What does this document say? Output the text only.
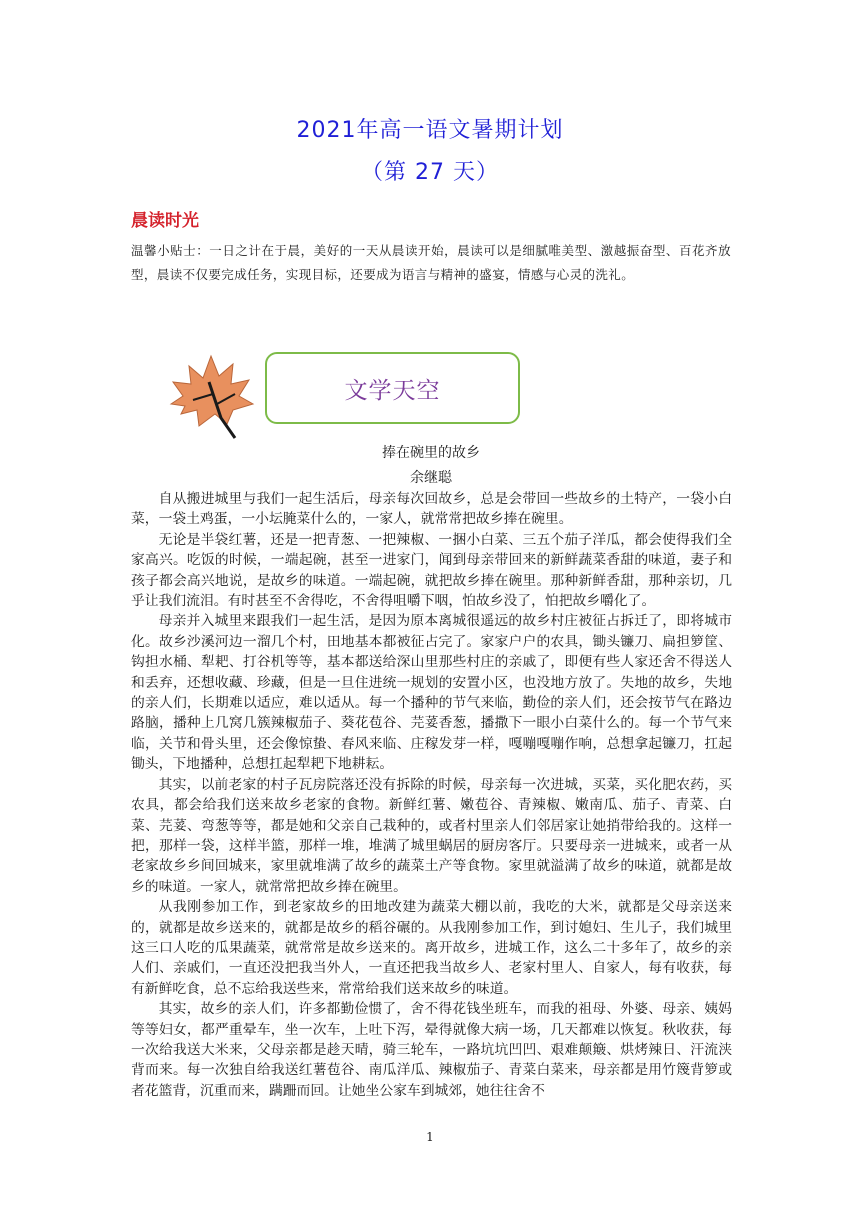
2021年高一语文暑期计划
（第 27 天）
晨读时光
温馨小贴士：一日之计在于晨，美好的一天从晨读开始，晨读可以是细腻唯美型、激越振奋型、百花齐放型，晨读不仅要完成任务，实现目标，还要成为语言与精神的盛宴，情感与心灵的洗礼。
文学天空
捧在碗里的故乡
余继聪

自从搬进城里与我们一起生活后，母亲每次回故乡，总是会带回一些故乡的土特产，一袋小白菜，一袋土鸡蛋，一小坛腌菜什么的，一家人，就常常把故乡捧在碗里。

无论是半袋红薯，还是一把青葱、一把辣椒、一捆小白菜、三五个茄子洋瓜，都会使得我们全家高兴。吃饭的时候，一端起碗，甚至一进家门，闻到母亲带回来的新鲜蔬菜香甜的味道，妻子和孩子都会高兴地说，是故乡的味道。一端起碗，就把故乡捧在碗里。那种新鲜香甜，那种亲切，几乎让我们流泪。有时甚至不舍得吃，不舍得咀嚼下咽，怕故乡没了，怕把故乡嚼化了。

母亲并入城里来跟我们一起生活，是因为原本离城很遥远的故乡村庄被征占拆迁了，即将城市化。故乡沙溪河边一溜几个村，田地基本都被征占完了。家家户户的农具，锄头镰刀、扁担箩筐、钩担水桶、犁耙、打谷机等等，基本都送给深山里那些村庄的亲戚了，即便有些人家还舍不得送人和丢弃，还想收藏、珍藏，但是一旦住进统一规划的安置小区，也没地方放了。失地的故乡，失地的亲人们，长期难以适应，难以适从。每一个播种的节气来临，勤俭的亲人们，还会按节气在路边路脑，播种上几窝几簇辣椒茄子、葵花苞谷、芫荽香葱，播撒下一眼小白菜什么的。每一个节气来临，关节和骨头里，还会像惊蛰、春风来临、庄稼发芽一样，嘎嘣嘎嘣作响，总想拿起镰刀，扛起锄头，下地播种，总想扛起犁耙下地耕耘。

其实，以前老家的村子瓦房院落还没有拆除的时候，母亲每一次进城，买菜，买化肥农药，买农具，都会给我们送来故乡老家的食物。新鲜红薯、嫩苞谷、青辣椒、嫩南瓜、茄子、青菜、白菜、芫荽、弯葱等等，都是她和父亲自己栽种的，或者村里亲人们邻居家让她捎带给我的。这样一把，那样一袋，这样半篮，那样一堆，堆满了城里蜗居的厨房客厅。只要母亲一进城来，或者一从老家故乡乡间回城来，家里就堆满了故乡的蔬菜土产等食物。家里就溢满了故乡的味道，就都是故乡的味道。一家人，就常常把故乡捧在碗里。

从我刚参加工作，到老家故乡的田地改建为蔬菜大棚以前，我吃的大米，就都是父母亲送来的，就都是故乡送来的，就都是故乡的稻谷碾的。从我刚参加工作，到讨媳妇、生儿子，我们城里这三口人吃的瓜果蔬菜，就常常是故乡送来的。离开故乡，进城工作，这么二十多年了，故乡的亲人们、亲戚们，一直还没把我当外人，一直还把我当故乡人、老家村里人、自家人，每有收获，每有新鲜吃食，总不忘给我送些来，常常给我们送来故乡的味道。

其实，故乡的亲人们，许多都勤俭惯了，舍不得花钱坐班车，而我的祖母、外婆、母亲、姨妈等等妇女，都严重晕车，坐一次车，上吐下泻，晕得就像大病一场，几天都难以恢复。秋收获，每一次给我送大米来，父母亲都是趁天晴，骑三轮车，一路坑坑凹凹、艰难颠簸、烘烤辣日、汗流浃背而来。每一次独自给我送红薯苞谷、南瓜洋瓜、辣椒茄子、青菜白菜来，母亲都是用竹篾背箩或者花篮背，沉重而来，蹒跚而回。让她坐公家车到城郊，她往往舍不

1
